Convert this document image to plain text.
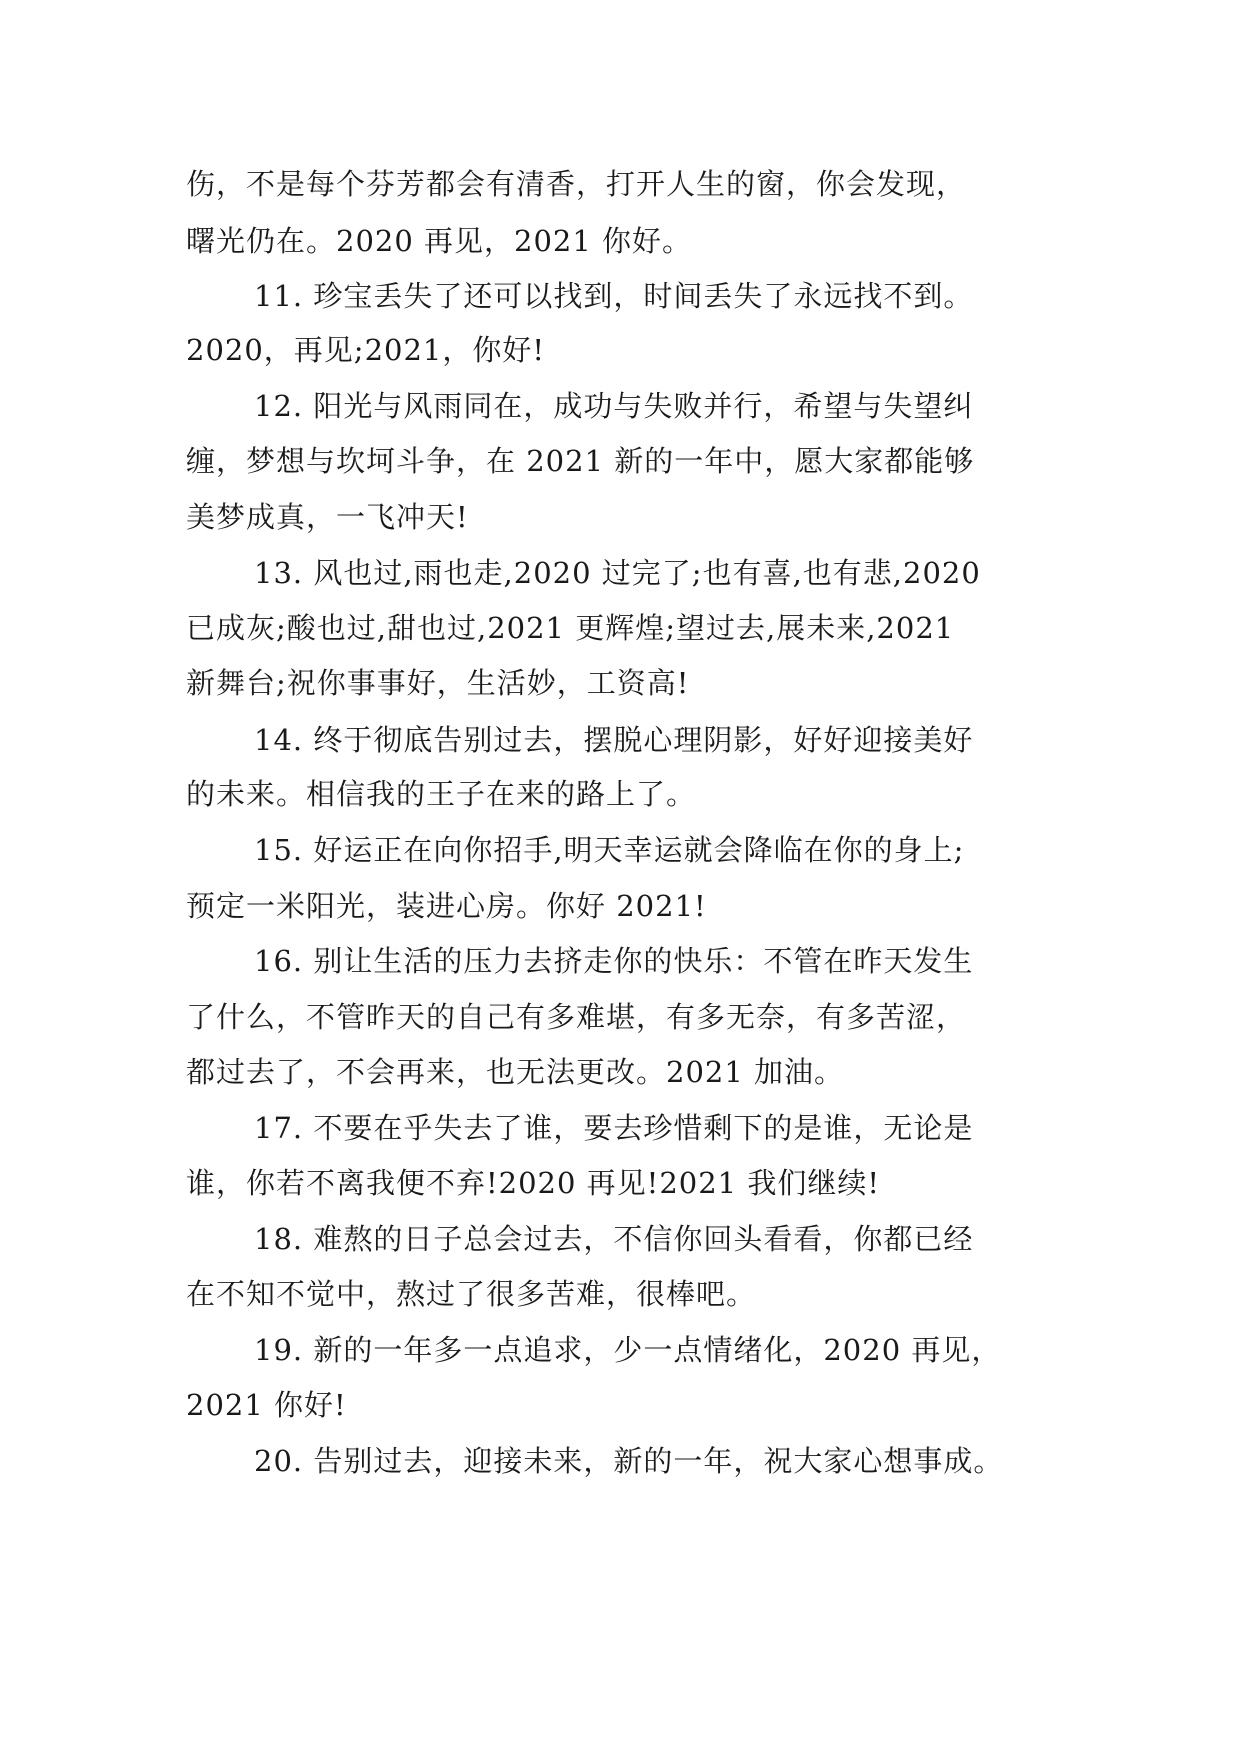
伤，不是每个芬芳都会有清香，打开人生的窗，你会发现，
曙光仍在。2020 再见，2021 你好。
11. 珍宝丢失了还可以找到，时间丢失了永远找不到。
2020，再见;2021，你好!
12. 阳光与风雨同在，成功与失败并行，希望与失望纠
缠，梦想与坎坷斗争，在 2021 新的一年中，愿大家都能够
美梦成真，一飞冲天!
13. 风也过,雨也走,2020 过完了;也有喜,也有悲,2020
已成灰;酸也过,甜也过,2021 更辉煌;望过去,展未来,2021
新舞台;祝你事事好，生活妙，工资高!
14. 终于彻底告别过去，摆脱心理阴影，好好迎接美好
的未来。相信我的王子在来的路上了。
15. 好运正在向你招手,明天幸运就会降临在你的身上;
预定一米阳光，装进心房。你好 2021!
16. 别让生活的压力去挤走你的快乐：不管在昨天发生
了什么，不管昨天的自己有多难堪，有多无奈，有多苦涩，
都过去了，不会再来，也无法更改。2021 加油。
17. 不要在乎失去了谁，要去珍惜剩下的是谁，无论是
谁，你若不离我便不弃!2020 再见!2021 我们继续!
18. 难熬的日子总会过去，不信你回头看看，你都已经
在不知不觉中，熬过了很多苦难，很棒吧。
19. 新的一年多一点追求，少一点情绪化，2020 再见，
2021 你好!
20. 告别过去，迎接未来，新的一年，祝大家心想事成。
